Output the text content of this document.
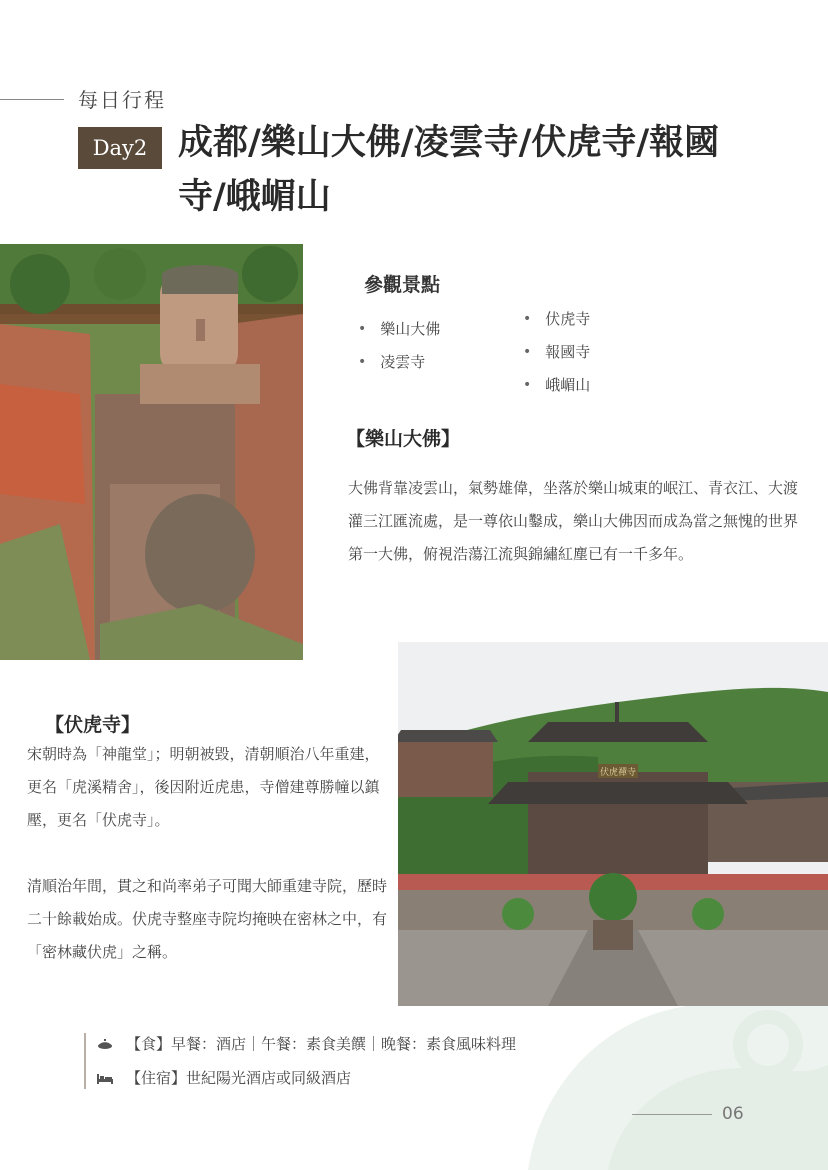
每日行程
Day2 成都/樂山大佛/凌雲寺/伏虎寺/報國寺/峨嵋山
參觀景點
• 樂山大佛
• 凌雲寺
• 伏虎寺
• 報國寺
• 峨嵋山
【樂山大佛】
大佛背靠凌雲山，氣勢雄偉，坐落於樂山城東的岷江、青衣江、大渡灌三江匯流處，是一尊依山鑿成，樂山大佛因而成為當之無愧的世界第一大佛，俯視浩蕩江流與錦繡紅塵已有一千多年。
伏虎禪寺
【伏虎寺】
宋朝時為「神龍堂」；明朝被毀，清朝順治八年重建，更名「虎溪精舍」，後因附近虎患，寺僧建尊勝幢以鎮壓，更名「伏虎寺」。
清順治年間，貫之和尚率弟子可聞大師重建寺院，歷時二十餘載始成。伏虎寺整座寺院均掩映在密林之中，有「密林藏伏虎」之稱。
【食】早餐：酒店｜午餐：素食美饌｜晚餐：素食風味料理
【住宿】世紀陽光酒店或同級酒店
06
